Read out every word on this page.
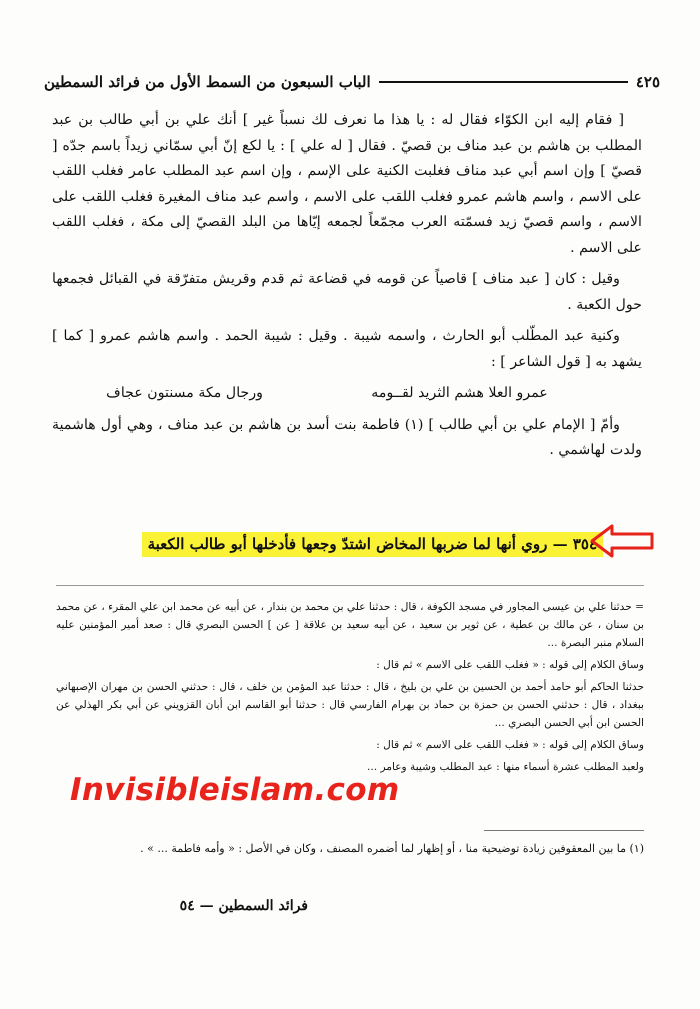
الباب السبعون من السمط الأول من فرائد السمطين	٤٢٥

[ فقام إليه ابن الكوّاء فقال له : يا هذا ما نعرف لك نسباً غير ] أنك علي بن أبي طالب بن عبد المطلب بن هاشم بن عبد مناف بن قصيّ . فقال [ له علي ] : يا لكع إنّ أبي سمّاني زيداً باسم جدّه [ قصيّ ] وإن اسم أبي عبد مناف فغلبت الكنية على الإسم ، وإن اسم عبد المطلب عامر فغلب اللقب على الاسم ، واسم هاشم عمرو فغلب اللقب على الاسم ، واسم عبد مناف المغيرة فغلب اللقب على الاسم ، واسم قصيّ زيد فسمّته العرب مجمّعاً لجمعه إيّاها من البلد القصيّ إلى مكة ، فغلب اللقب على الاسم .

وقيل : كان [ عبد مناف ] قاصياً عن قومه في قضاعة ثم قدم وقريش متفرّقة في القبائل فجمعها حول الكعبة .

وكنية عبد المطّلب أبو الحارث ، واسمه شيبة . وقيل : شيبة الحمد . واسم هاشم عمرو [ كما ] يشهد به [ قول الشاعر ] :

عمرو العلا هشم الثريد لقــومه
ورجال مكة مسنتون عجاف

وأمّ [ الإمام علي بن أبي طالب ] (١) فاطمة بنت أسد بن هاشم بن عبد مناف ، وهي أول هاشمية ولدت لهاشمي .

٣٥٤ — روي أنها لما ضربها المخاض اشتدّ وجعها فأدخلها أبو طالب الكعبة

= حدثنا علي بن عيسى المجاور في مسجد الكوفة ، قال : حدثنا علي بن محمد بن بندار ، عن أبيه عن محمد ابن علي المقرء ، عن محمد بن سنان ، عن مالك بن عطية ، عن ثوير بن سعيد ، عن أبيه سعيد بن علاقة [ عن ] الحسن البصري قال : صعد أمير المؤمنين عليه السلام منبر البصرة ...

وساق الكلام إلى قوله : « فغلب اللقب على الاسم » ثم قال :

حدثنا الحاكم أبو حامد أحمد بن الحسين بن علي بن بليخ ، قال : حدثنا عبد المؤمن بن خلف ، قال : حدثني الحسن بن مهران الإصبهاني ببغداد ، قال : حدثني الحسن بن حمزة بن حماد بن بهرام الفارسي قال : حدثنا أبو القاسم ابن أبان القزويني عن أبي بكر الهذلي عن الحسن ابن أبي الحسن البصري ...

وساق الكلام إلى قوله : « فغلب اللقب على الاسم » ثم قال :

ولعبد المطلب عشرة أسماء منها : عبد المطلب وشيبة وعامر ...

Invisibleislam.com

(١) ما بين المعقوفين زيادة توضيحية منا ، أو إظهار لما أضمره المصنف ، وكان في الأصل : « وأمه فاطمة ... » .

فرائد السمطين — ٥٤
